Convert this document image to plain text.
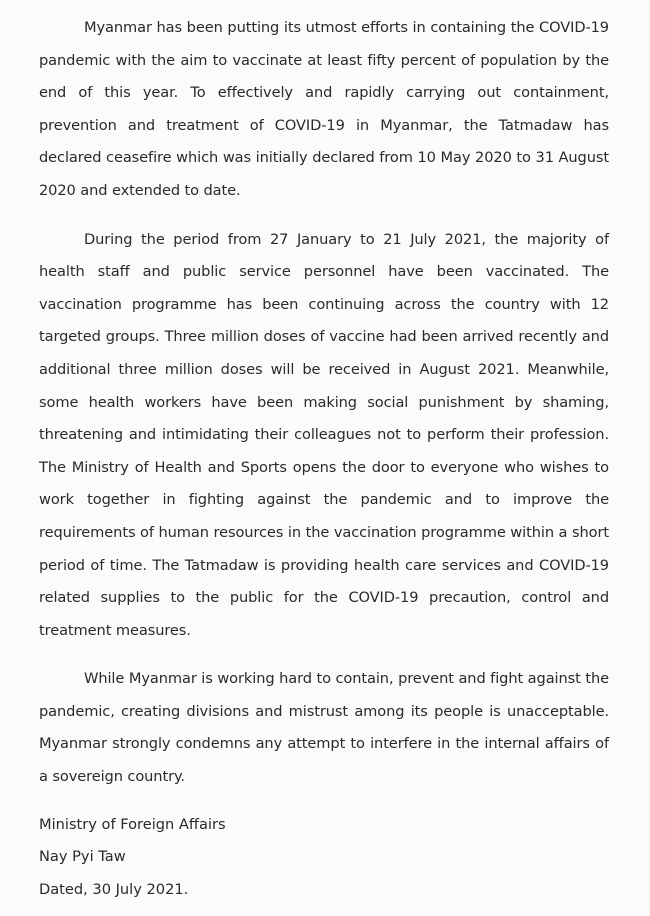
Myanmar has been putting its utmost efforts in containing the COVID-19 pandemic with the aim to vaccinate at least fifty percent of population by the end of this year. To effectively and rapidly carrying out containment, prevention and treatment of COVID-19 in Myanmar, the Tatmadaw has declared ceasefire which was initially declared from 10 May 2020 to 31 August 2020 and extended to date.

During the period from 27 January to 21 July 2021, the majority of health staff and public service personnel have been vaccinated. The vaccination programme has been continuing across the country with 12 targeted groups. Three million doses of vaccine had been arrived recently and additional three million doses will be received in August 2021. Meanwhile, some health workers have been making social punishment by shaming, threatening and intimidating their colleagues not to perform their profession. The Ministry of Health and Sports opens the door to everyone who wishes to work together in fighting against the pandemic and to improve the requirements of human resources in the vaccination programme within a short period of time. The Tatmadaw is providing health care services and COVID-19 related supplies to the public for the COVID-19 precaution, control and treatment measures.

While Myanmar is working hard to contain, prevent and fight against the pandemic, creating divisions and mistrust among its people is unacceptable. Myanmar strongly condemns any attempt to interfere in the internal affairs of a sovereign country.

Ministry of Foreign Affairs
Nay Pyi Taw
Dated, 30 July 2021.
